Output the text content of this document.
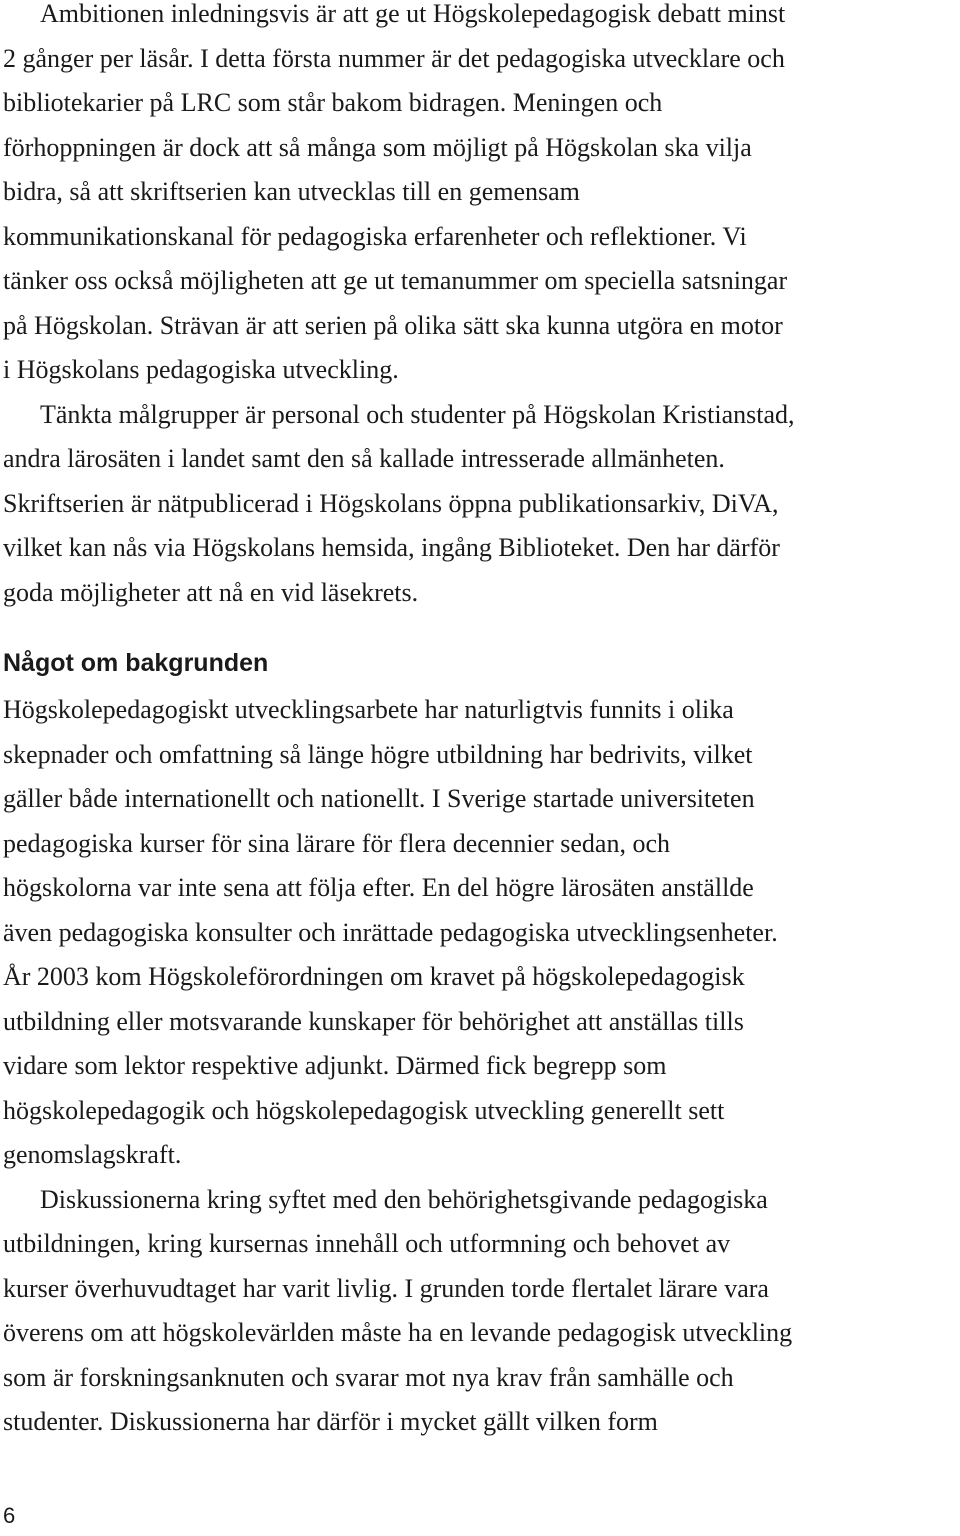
Ambitionen inledningsvis är att ge ut Högskolepedagogisk debatt minst
2 gånger per läsår. I detta första nummer är det pedagogiska utvecklare och
bibliotekarier på LRC som står bakom bidragen. Meningen och
förhoppningen är dock att så många som möjligt på Högskolan ska vilja
bidra, så att skriftserien kan utvecklas till en gemensam
kommunikationskanal för pedagogiska erfarenheter och reflektioner. Vi
tänker oss också möjligheten att ge ut temanummer om speciella satsningar
på Högskolan. Strävan är att serien på olika sätt ska kunna utgöra en motor
i Högskolans pedagogiska utveckling.
Tänkta målgrupper är personal och studenter på Högskolan Kristianstad,
andra lärosäten i landet samt den så kallade intresserade allmänheten.
Skriftserien är nätpublicerad i Högskolans öppna publikationsarkiv, DiVA,
vilket kan nås via Högskolans hemsida, ingång Biblioteket. Den har därför
goda möjligheter att nå en vid läsekrets.
Något om bakgrunden
Högskolepedagogiskt utvecklingsarbete har naturligtvis funnits i olika
skepnader och omfattning så länge högre utbildning har bedrivits, vilket
gäller både internationellt och nationellt. I Sverige startade universiteten
pedagogiska kurser för sina lärare för flera decennier sedan, och
högskolorna var inte sena att följa efter. En del högre lärosäten anställde
även pedagogiska konsulter och inrättade pedagogiska utvecklingsenheter.
År 2003 kom Högskoleförordningen om kravet på högskolepedagogisk
utbildning eller motsvarande kunskaper för behörighet att anställas tills
vidare som lektor respektive adjunkt. Därmed fick begrepp som
högskolepedagogik och högskolepedagogisk utveckling generellt sett
genomslagskraft.
Diskussionerna kring syftet med den behörighetsgivande pedagogiska
utbildningen, kring kursernas innehåll och utformning och behovet av
kurser överhuvudtaget har varit livlig. I grunden torde flertalet lärare vara
överens om att högskolevärlden måste ha en levande pedagogisk utveckling
som är forskningsanknuten och svarar mot nya krav från samhälle och
studenter. Diskussionerna har därför i mycket gällt vilken form
6
